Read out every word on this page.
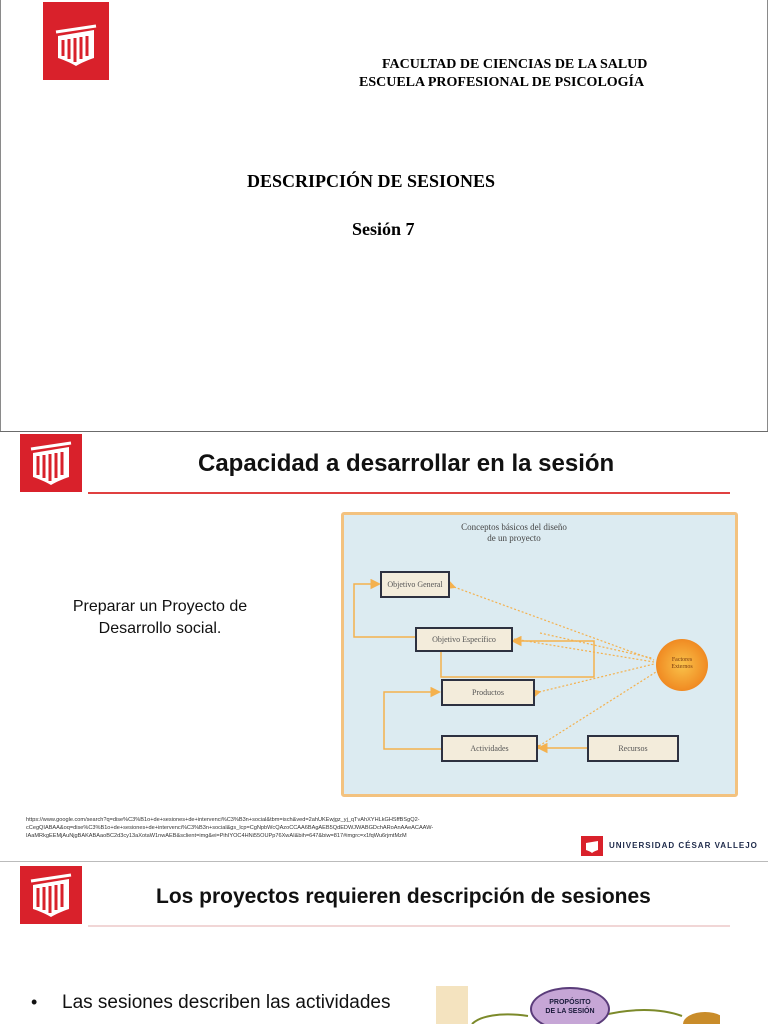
FACULTAD DE CIENCIAS DE LA SALUD
ESCUELA PROFESIONAL DE PSICOLOGÍA
DESCRIPCIÓN DE SESIONES
Sesión 7
Capacidad a desarrollar en la sesión
Preparar un Proyecto de
Desarrollo social.
https://www.google.com/search?q=dise%C3%B1o+de+sesiones+de+intervenci%C3%B3n+social&tbm=isch&ved=2ahUKEwjgz_yj_qTvAhXYHLkGHSffBSgQ2-
cCegQIABAA&oq=dise%C3%B1o+de+sesiones+de+intervenci%C3%B3n+social&gs_lcp=CgNpbWcQAzoCCAA6BAgAEB5QdEDWJWABGDchARoAnAAeACAAW-
IAaMRkgEEMjAuNjgBAKABAaoBC2d3cy13aXotaW1nwAEB&sclient=img&ei=PihIYOC4HNi55OUPp76XwAI&bih=647&biw=817#imgrc=x1fqWu6rjmtMzM
UNIVERSIDAD CÉSAR VALLEJO
Conceptos básicos del diseño
de un proyecto
Objetivo General
Objetivo Específico
Productos
Actividades	Recursos
Factores
Externos
Los proyectos requieren descripción de sesiones
• Las sesiones describen las actividades	PROPÓSITO
DE LA SESIÓN
